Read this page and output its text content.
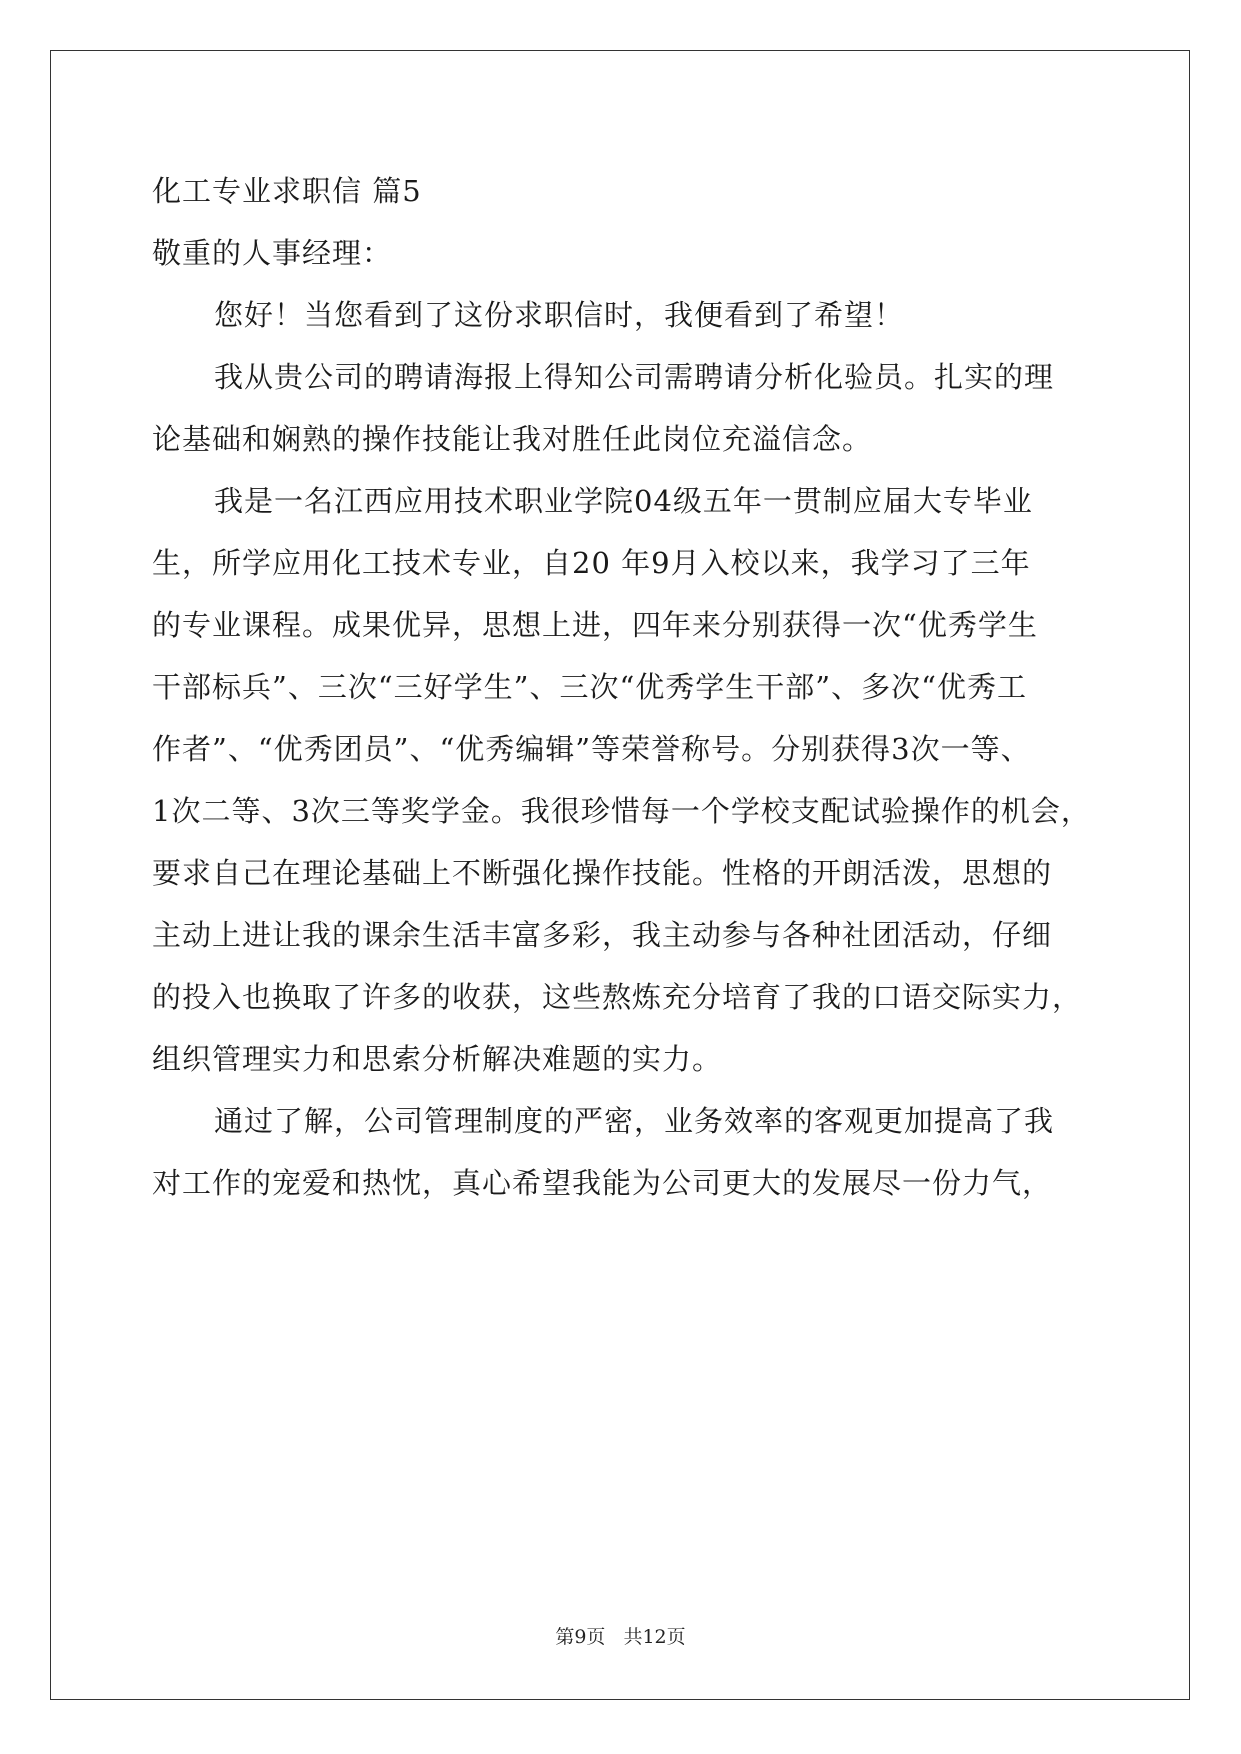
化工专业求职信 篇5
敬重的人事经理：
您好！当您看到了这份求职信时，我便看到了希望！
我从贵公司的聘请海报上得知公司需聘请分析化验员。扎实的理
论基础和娴熟的操作技能让我对胜任此岗位充溢信念。
我是一名江西应用技术职业学院04级五年一贯制应届大专毕业
生，所学应用化工技术专业，自20 年9月入校以来，我学习了三年
的专业课程。成果优异，思想上进，四年来分别获得一次“优秀学生
干部标兵”、三次“三好学生”、三次“优秀学生干部”、多次“优秀工
作者”、“优秀团员”、“优秀编辑”等荣誉称号。分别获得3次一等、
1次二等、3次三等奖学金。我很珍惜每一个学校支配试验操作的机会，
要求自己在理论基础上不断强化操作技能。性格的开朗活泼，思想的
主动上进让我的课余生活丰富多彩，我主动参与各种社团活动，仔细
的投入也换取了许多的收获，这些熬炼充分培育了我的口语交际实力，
组织管理实力和思索分析解决难题的实力。
通过了解，公司管理制度的严密，业务效率的客观更加提高了我
对工作的宠爱和热忱，真心希望我能为公司更大的发展尽一份力气，
第9页 共12页
